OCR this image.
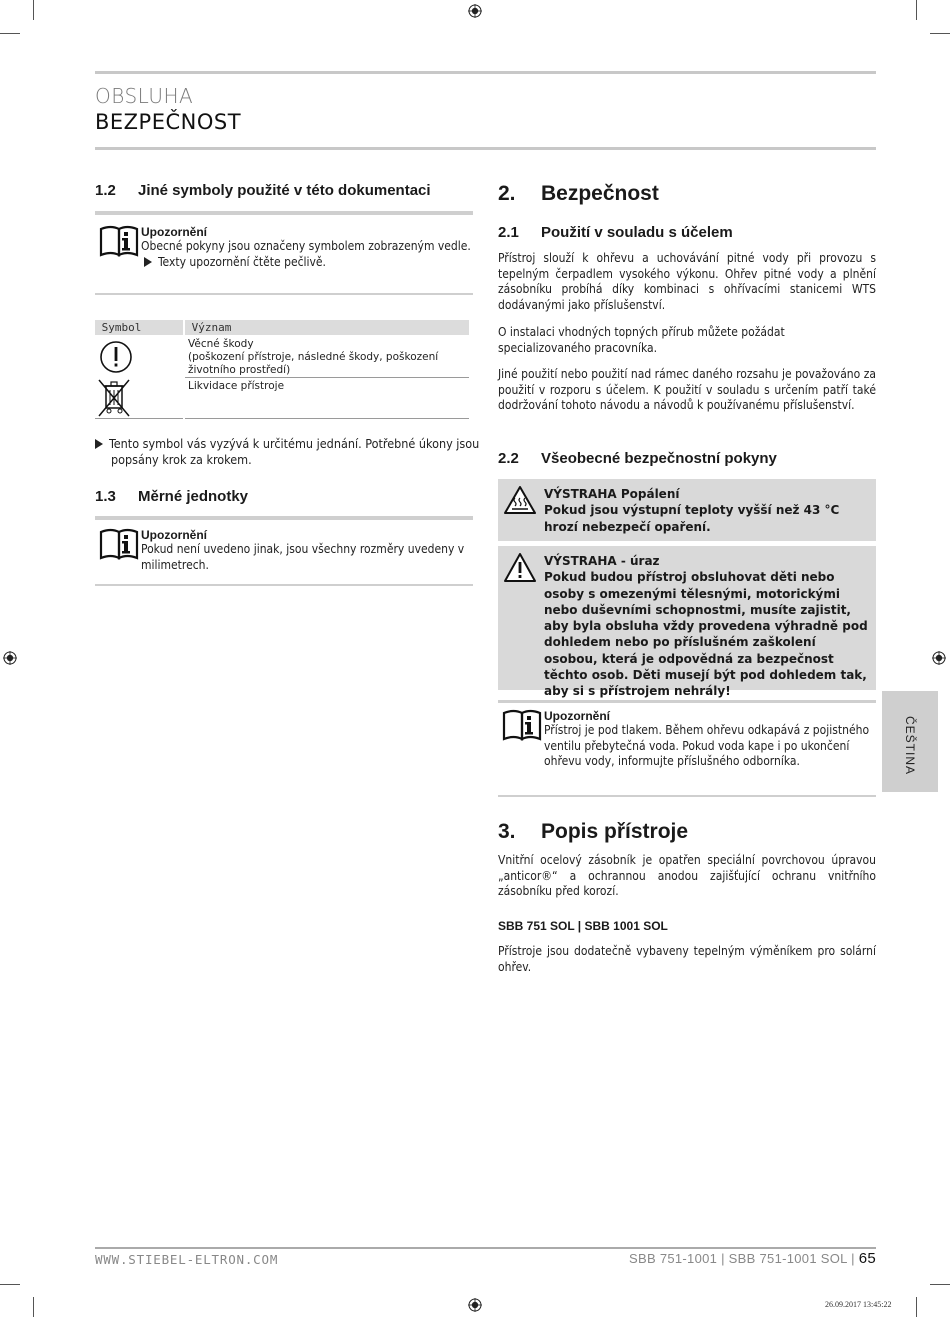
OBSLUHA
BEZPEČNOST
1.2 Jiné symboly použité v této dokumentaci
Upozornění

Obecné pokyny jsou označeny symbolem zobrazeným vedle.

Texty upozornění čtěte pečlivě.

Symbol	Význam
Věcné škody
(poškození přístroje, následné škody, poškození životního prostředí)
Likvidace přístroje

Tento symbol vás vyzývá k určitému jednání. Potřebné úkony jsou popsány krok za krokem.

1.3 Měrné jednotky
Upozornění

Pokud není uvedeno jinak, jsou všechny rozměry uvedeny v milimetrech.

2. Bezpečnost
2.1 Použití v souladu s účelem

Přístroj slouží k ohřevu a uchovávání pitné vody při provozu s tepelným čerpadlem vysokého výkonu. Ohřev pitné vody a plnění zásobníku probíhá díky kombinaci s ohřívacími stanicemi WTS dodávanými jako příslušenství.

O instalaci vhodných topných přírub můžete požádat specializovaného pracovníka.

Jiné použití nebo použití nad rámec daného rozsahu je považováno za použití v rozporu s účelem. K použití v souladu s určením patří také dodržování tohoto návodu a návodů k používanému příslušenství.

2.2 Všeobecné bezpečnostní pokyny
VÝSTRAHA Popálení
Pokud jsou výstupní teploty vyšší než 43 °C hrozí nebezpečí opaření.
VÝSTRAHA - úraz
Pokud budou přístroj obsluhovat děti nebo osoby s omezenými tělesnými, motorickými nebo duševními schopnostmi, musíte zajistit, aby byla obsluha vždy provedena výhradně pod dohledem nebo po příslušném zaškolení osobou, která je odpovědná za bezpečnost těchto osob. Děti musejí být pod dohledem tak, aby si s přístrojem nehrály!
Upozornění

Přístroj je pod tlakem. Během ohřevu odkapává z pojistného ventilu přebytečná voda. Pokud voda kape i po ukončení ohřevu vody, informujte příslušného odborníka.

3. Popis přístroje

Vnitřní ocelový zásobník je opatřen speciální povrchovou úpravou „anticor®“ a ochrannou anodou zajišťující ochranu vnitřního zásobníku před korozí.

SBB 751 SOL | SBB 1001 SOL

Přístroje jsou dodatečně vybaveny tepelným výměníkem pro solární ohřev.

ČEŠTINA
WWW.STIEBEL-ELTRON.COM	SBB 751-1001 | SBB 751-1001 SOL | 65
26.09.2017 13:45:22
